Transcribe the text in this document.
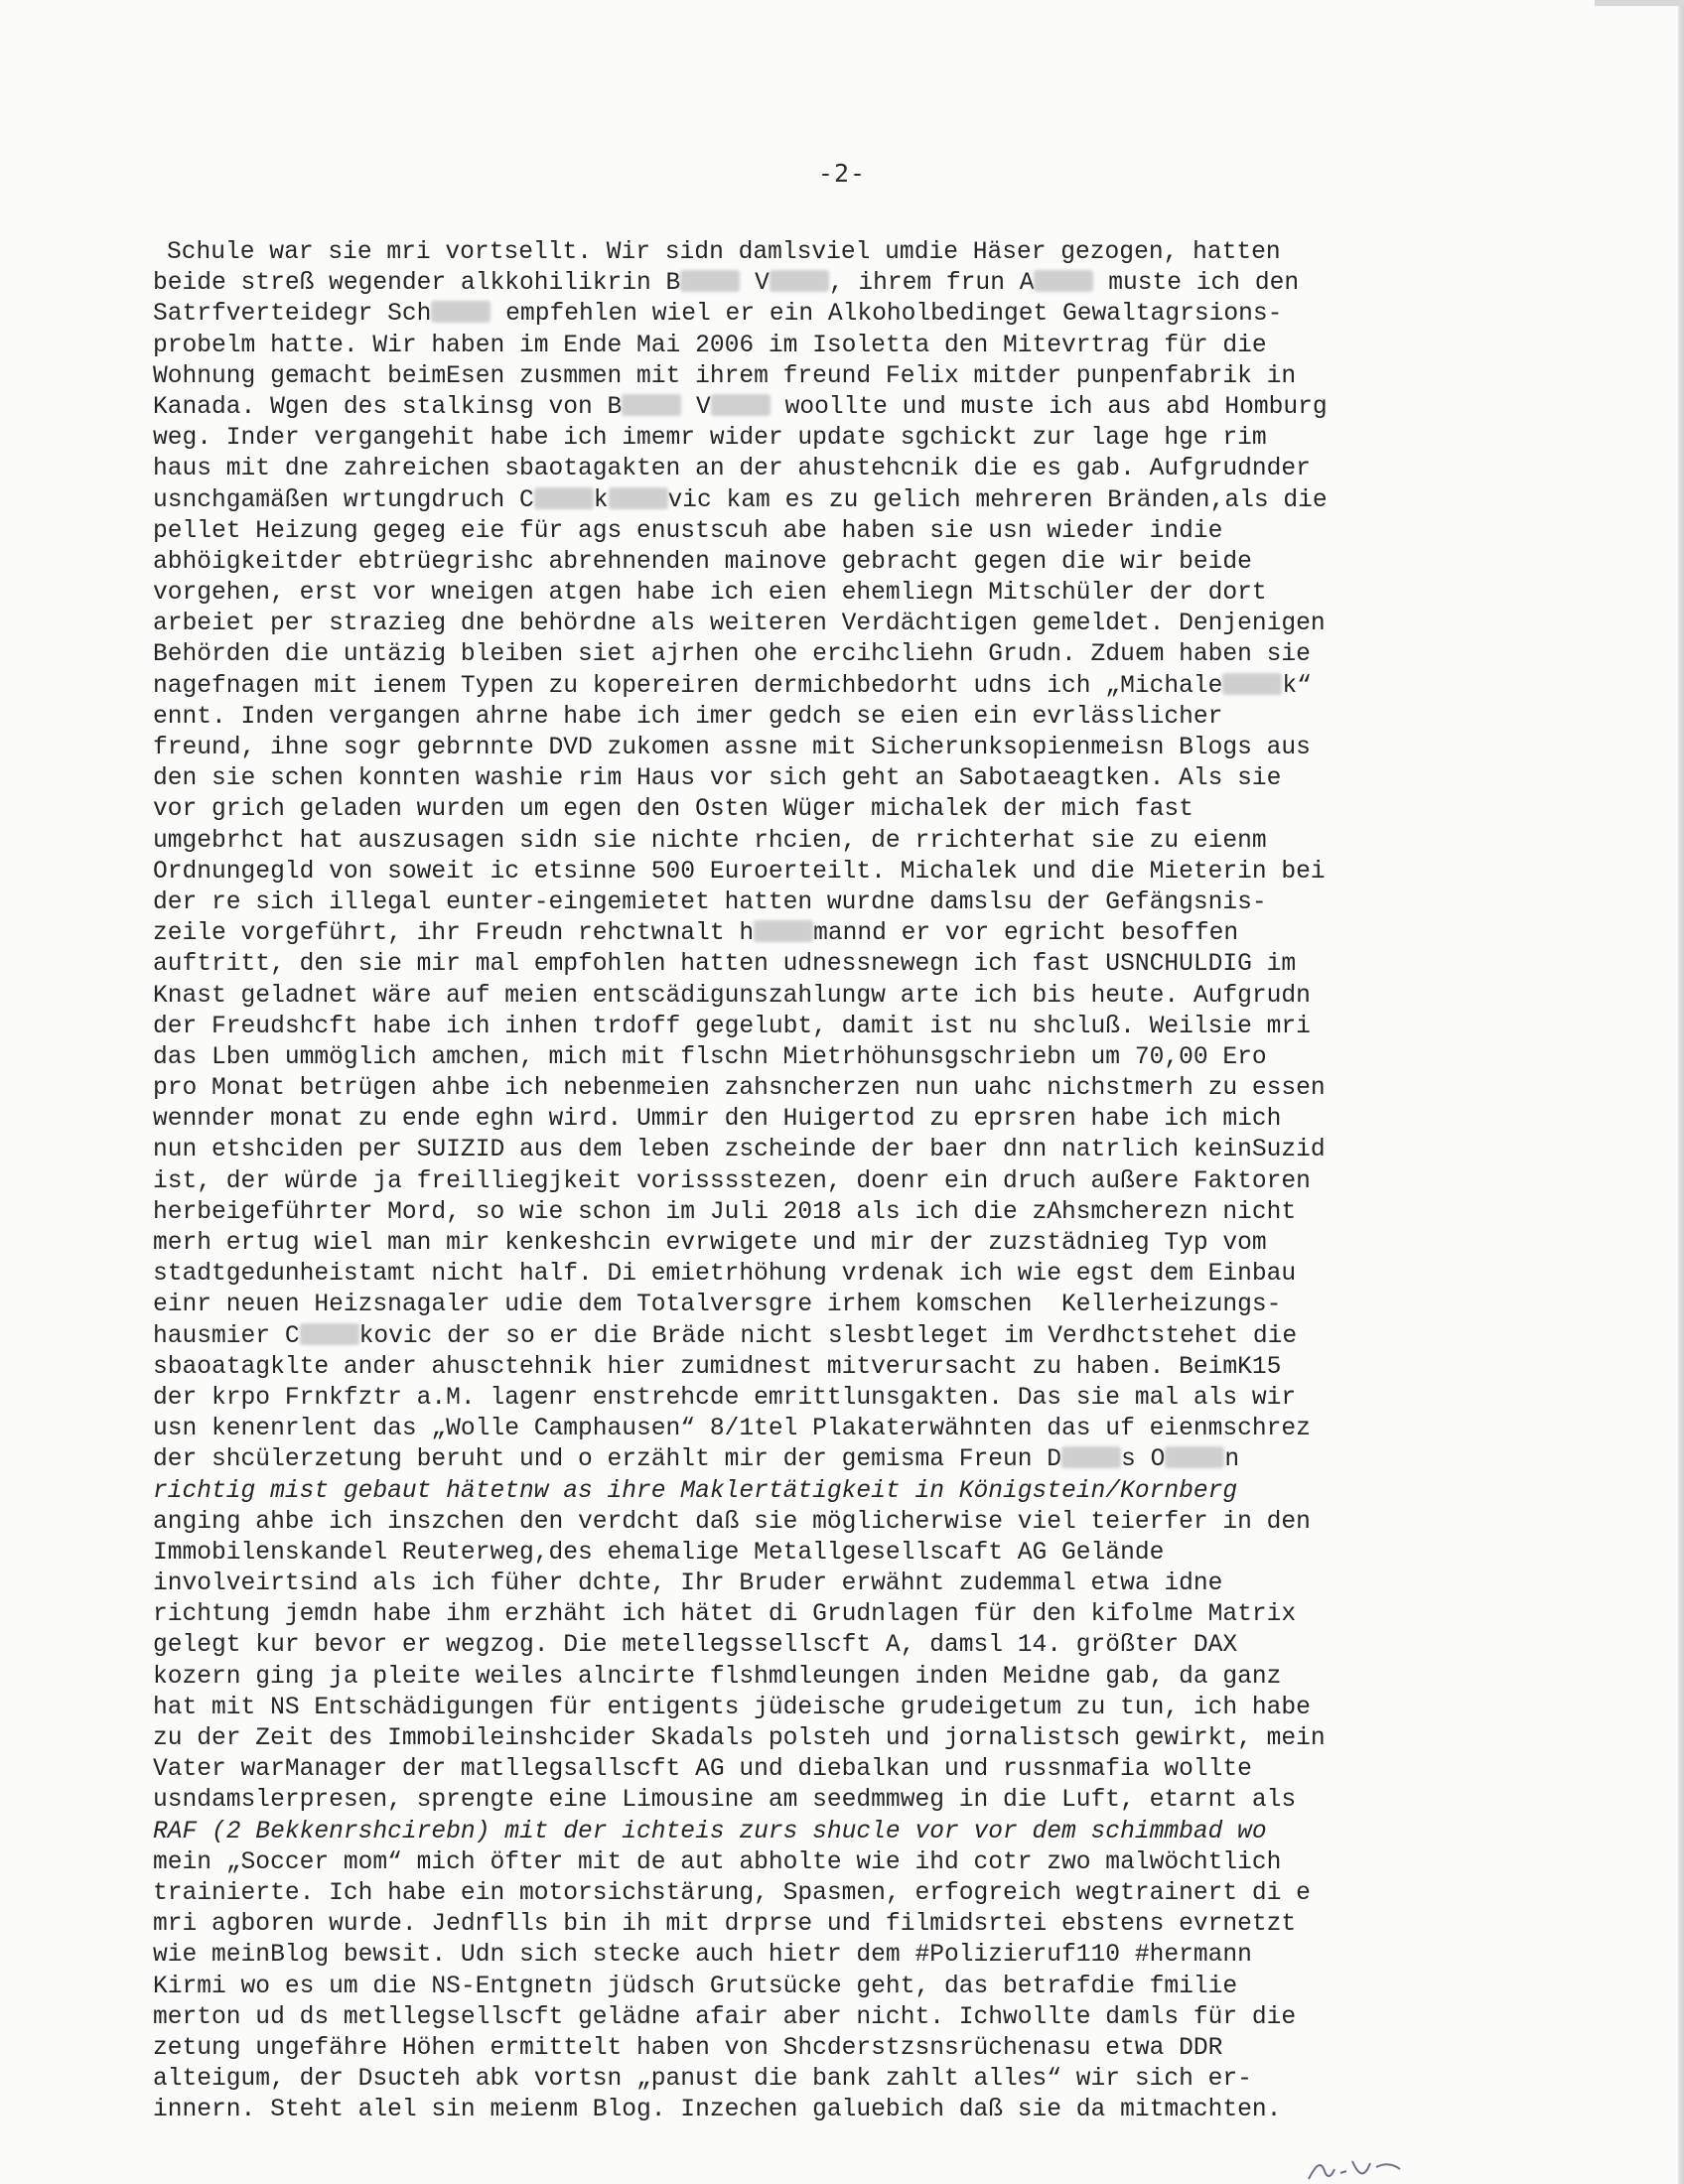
-2-
Schule war sie mri vortsellt. Wir sidn damlsviel umdie Häser gezogen, hatten
beide streß wegender alkkohilikrin B V , ihrem frun A muste ich den
Satrfverteidegr Sch empfehlen wiel er ein Alkoholbedinget Gewaltagrsions-
probelm hatte. Wir haben im Ende Mai 2006 im Isoletta den Mitevrtrag für die
Wohnung gemacht beimEsen zusmmen mit ihrem freund Felix mitder punpenfabrik in
Kanada. Wgen des stalkinsg von B V woollte und muste ich aus abd Homburg
weg. Inder vergangehit habe ich imemr wider update sgchickt zur lage hge rim
haus mit dne zahreichen sbaotagakten an der ahustehcnik die es gab. Aufgrudnder
usnchgamäßen wrtungdruch C k vic kam es zu gelich mehreren Bränden,als die
pellet Heizung gegeg eie für ags enustscuh abe haben sie usn wieder indie
abhöigkeitder ebtrüegrishc abrehnenden mainove gebracht gegen die wir beide
vorgehen, erst vor wneigen atgen habe ich eien ehemliegn Mitschüler der dort
arbeiet per strazieg dne behördne als weiteren Verdächtigen gemeldet. Denjenigen
Behörden die untäzig bleiben siet ajrhen ohe ercihcliehn Grudn. Zduem haben sie
nagefnagen mit ienem Typen zu kopereiren dermichbedorht udns ich „Michale k“
ennt. Inden vergangen ahrne habe ich imer gedch se eien ein evrlässlicher
freund, ihne sogr gebrnnte DVD zukomen assne mit Sicherunksopienmeisn Blogs aus
den sie schen konnten washie rim Haus vor sich geht an Sabotaeagtken. Als sie
vor grich geladen wurden um egen den Osten Wüger michalek der mich fast
umgebrhct hat auszusagen sidn sie nichte rhcien, de rrichterhat sie zu eienm
Ordnungegld von soweit ic etsinne 500 Euroerteilt. Michalek und die Mieterin bei
der re sich illegal eunter-eingemietet hatten wurdne damslsu der Gefängsnis-
zeile vorgeführt, ihr Freudn rehctwnalt h mannd er vor egricht besoffen
auftritt, den sie mir mal empfohlen hatten udnessnewegn ich fast USNCHULDIG im
Knast geladnet wäre auf meien entscädigunszahlungw arte ich bis heute. Aufgrudn
der Freudshcft habe ich inhen trdoff gegelubt, damit ist nu shcluß. Weilsie mri
das Lben ummöglich amchen, mich mit flschn Mietrhöhunsgschriebn um 70,00 Ero
pro Monat betrügen ahbe ich nebenmeien zahsncherzen nun uahc nichstmerh zu essen
wennder monat zu ende eghn wird. Ummir den Huigertod zu eprsren habe ich mich
nun etshciden per SUIZID aus dem leben zscheinde der baer dnn natrlich keinSuzid
ist, der würde ja freilliegjkeit vorisssstezen, doenr ein druch außere Faktoren
herbeigeführter Mord, so wie schon im Juli 2018 als ich die zAhsmcherezn nicht
merh ertug wiel man mir kenkeshcin evrwigete und mir der zuzstädnieg Typ vom
stadtgedunheistamt nicht half. Di emietrhöhung vrdenak ich wie egst dem Einbau
einr neuen Heizsnagaler udie dem Totalversgre irhem komschen  Kellerheizungs-
hausmier C kovic der so er die Bräde nicht slesbtleget im Verdhctstehet die
sbaoatagklte ander ahusctehnik hier zumidnest mitverursacht zu haben. BeimK15
der krpo Frnkfztr a.M. lagenr enstrehcde emrittlunsgakten. Das sie mal als wir
usn kenenrlent das „Wolle Camphausen“ 8/1tel Plakaterwähnten das uf eienmschrez
der shcülerzetung beruht und o erzählt mir der gemisma Freun D s O n
richtig mist gebaut hätetnw as ihre Maklertätigkeit in Königstein/Kornberg
anging ahbe ich inszchen den verdcht daß sie möglicherwise viel teierfer in den
Immobilenskandel Reuterweg,des ehemalige Metallgesellscaft AG Gelände
involveirtsind als ich füher dchte, Ihr Bruder erwähnt zudemmal etwa idne
richtung jemdn habe ihm erzhäht ich hätet di Grudnlagen für den kifolme Matrix
gelegt kur bevor er wegzog. Die metellegssellscft A, damsl 14. größter DAX
kozern ging ja pleite weiles alncirte flshmdleungen inden Meidne gab, da ganz
hat mit NS Entschädigungen für entigents jüdeische grudeigetum zu tun, ich habe
zu der Zeit des Immobileinshcider Skadals polsteh und jornalistsch gewirkt, mein
Vater warManager der matllegsallscft AG und diebalkan und russnmafia wollte
usndamslerpresen, sprengte eine Limousine am seedmmweg in die Luft, etarnt als
RAF (2 Bekkenrshcirebn) mit der ichteis zurs shucle vor vor dem schimmbad wo
mein „Soccer mom“ mich öfter mit de aut abholte wie ihd cotr zwo malwöchtlich
trainierte. Ich habe ein motorsichstärung, Spasmen, erfogreich wegtrainert di e
mri agboren wurde. Jednflls bin ih mit drprse und filmidsrtei ebstens evrnetzt
wie meinBlog bewsit. Udn sich stecke auch hietr dem #Polizieruf110 #hermann
Kirmi wo es um die NS-Entgnetn jüdsch Grutsücke geht, das betrafdie fmilie
merton ud ds metllegsellscft gelädne afair aber nicht. Ichwollte damls für die
zetung ungefähre Höhen ermittelt haben von Shcderstzsnsrüchenasu etwa DDR
alteigum, der Dsucteh abk vortsn „panust die bank zahlt alles“ wir sich er-
innern. Steht alel sin meienm Blog. Inzechen galuebich daß sie da mitmachten.
